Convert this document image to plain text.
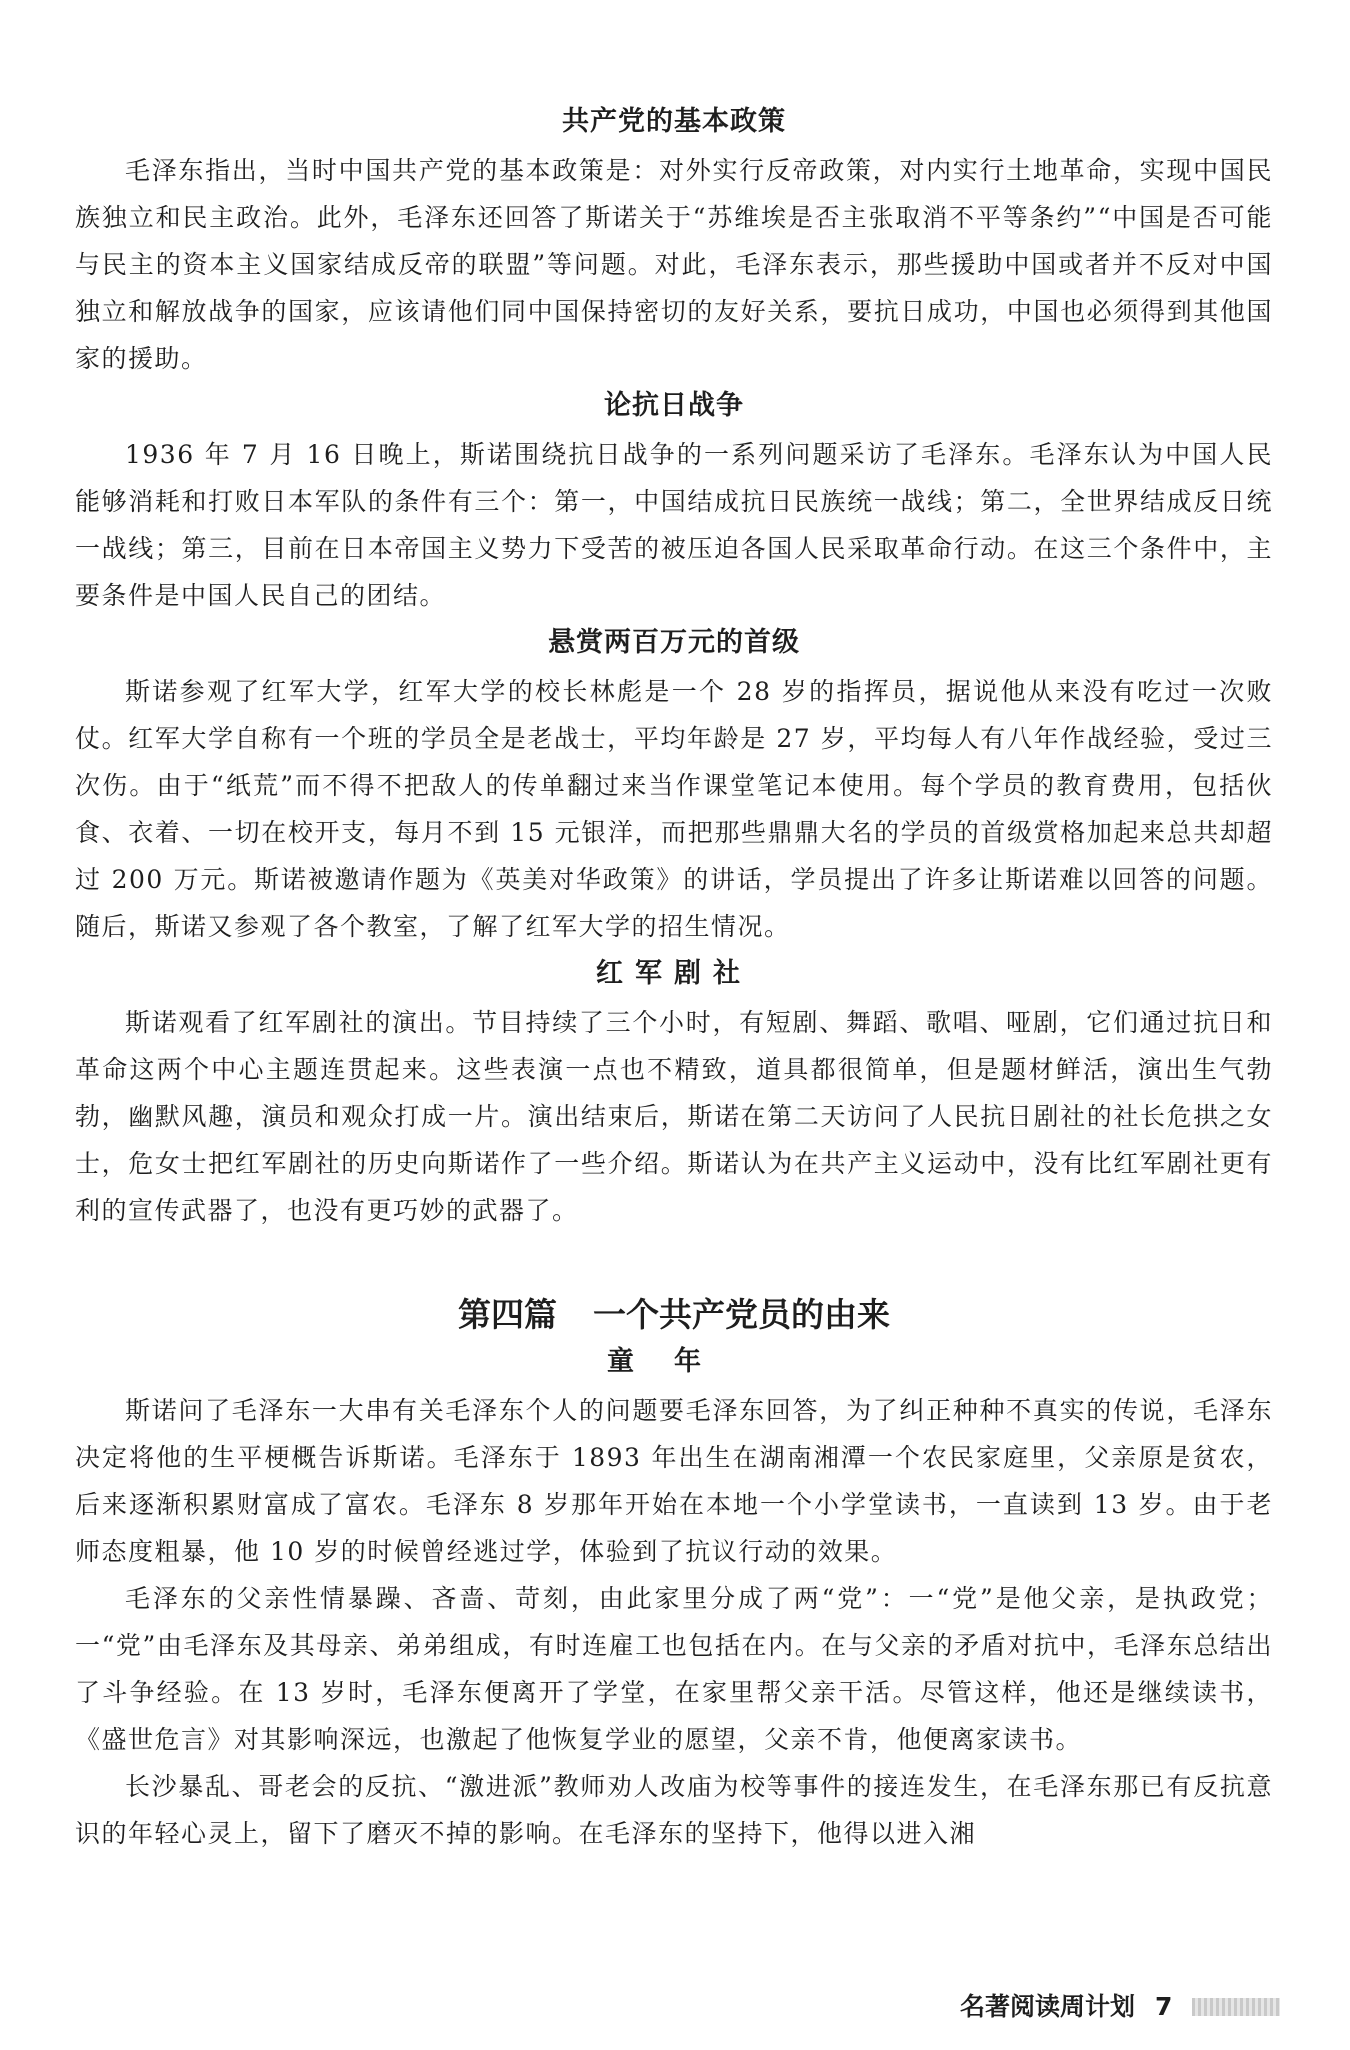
共产党的基本政策

毛泽东指出，当时中国共产党的基本政策是：对外实行反帝政策，对内实行土地革命，实现中国民族独立和民主政治。此外，毛泽东还回答了斯诺关于“苏维埃是否主张取消不平等条约”“中国是否可能与民主的资本主义国家结成反帝的联盟”等问题。对此，毛泽东表示，那些援助中国或者并不反对中国独立和解放战争的国家，应该请他们同中国保持密切的友好关系，要抗日成功，中国也必须得到其他国家的援助。

论抗日战争

1936 年 7 月 16 日晚上，斯诺围绕抗日战争的一系列问题采访了毛泽东。毛泽东认为中国人民能够消耗和打败日本军队的条件有三个：第一，中国结成抗日民族统一战线；第二，全世界结成反日统一战线；第三，目前在日本帝国主义势力下受苦的被压迫各国人民采取革命行动。在这三个条件中，主要条件是中国人民自己的团结。

悬赏两百万元的首级

斯诺参观了红军大学，红军大学的校长林彪是一个 28 岁的指挥员，据说他从来没有吃过一次败仗。红军大学自称有一个班的学员全是老战士，平均年龄是 27 岁，平均每人有八年作战经验，受过三次伤。由于“纸荒”而不得不把敌人的传单翻过来当作课堂笔记本使用。每个学员的教育费用，包括伙食、衣着、一切在校开支，每月不到 15 元银洋，而把那些鼎鼎大名的学员的首级赏格加起来总共却超过 200 万元。斯诺被邀请作题为《英美对华政策》的讲话，学员提出了许多让斯诺难以回答的问题。随后，斯诺又参观了各个教室，了解了红军大学的招生情况。

红军剧社

斯诺观看了红军剧社的演出。节目持续了三个小时，有短剧、舞蹈、歌唱、哑剧，它们通过抗日和革命这两个中心主题连贯起来。这些表演一点也不精致，道具都很简单，但是题材鲜活，演出生气勃勃，幽默风趣，演员和观众打成一片。演出结束后，斯诺在第二天访问了人民抗日剧社的社长危拱之女士，危女士把红军剧社的历史向斯诺作了一些介绍。斯诺认为在共产主义运动中，没有比红军剧社更有利的宣传武器了，也没有更巧妙的武器了。

第四篇 一个共产党员的由来
童年

斯诺问了毛泽东一大串有关毛泽东个人的问题要毛泽东回答，为了纠正种种不真实的传说，毛泽东决定将他的生平梗概告诉斯诺。毛泽东于 1893 年出生在湖南湘潭一个农民家庭里，父亲原是贫农，后来逐渐积累财富成了富农。毛泽东 8 岁那年开始在本地一个小学堂读书，一直读到 13 岁。由于老师态度粗暴，他 10 岁的时候曾经逃过学，体验到了抗议行动的效果。

毛泽东的父亲性情暴躁、吝啬、苛刻，由此家里分成了两“党”：一“党”是他父亲，是执政党；一“党”由毛泽东及其母亲、弟弟组成，有时连雇工也包括在内。在与父亲的矛盾对抗中，毛泽东总结出了斗争经验。在 13 岁时，毛泽东便离开了学堂，在家里帮父亲干活。尽管这样，他还是继续读书，《盛世危言》对其影响深远，也激起了他恢复学业的愿望，父亲不肯，他便离家读书。

长沙暴乱、哥老会的反抗、“激进派”教师劝人改庙为校等事件的接连发生，在毛泽东那已有反抗意识的年轻心灵上，留下了磨灭不掉的影响。在毛泽东的坚持下，他得以进入湘

名著阅读周计划 7
